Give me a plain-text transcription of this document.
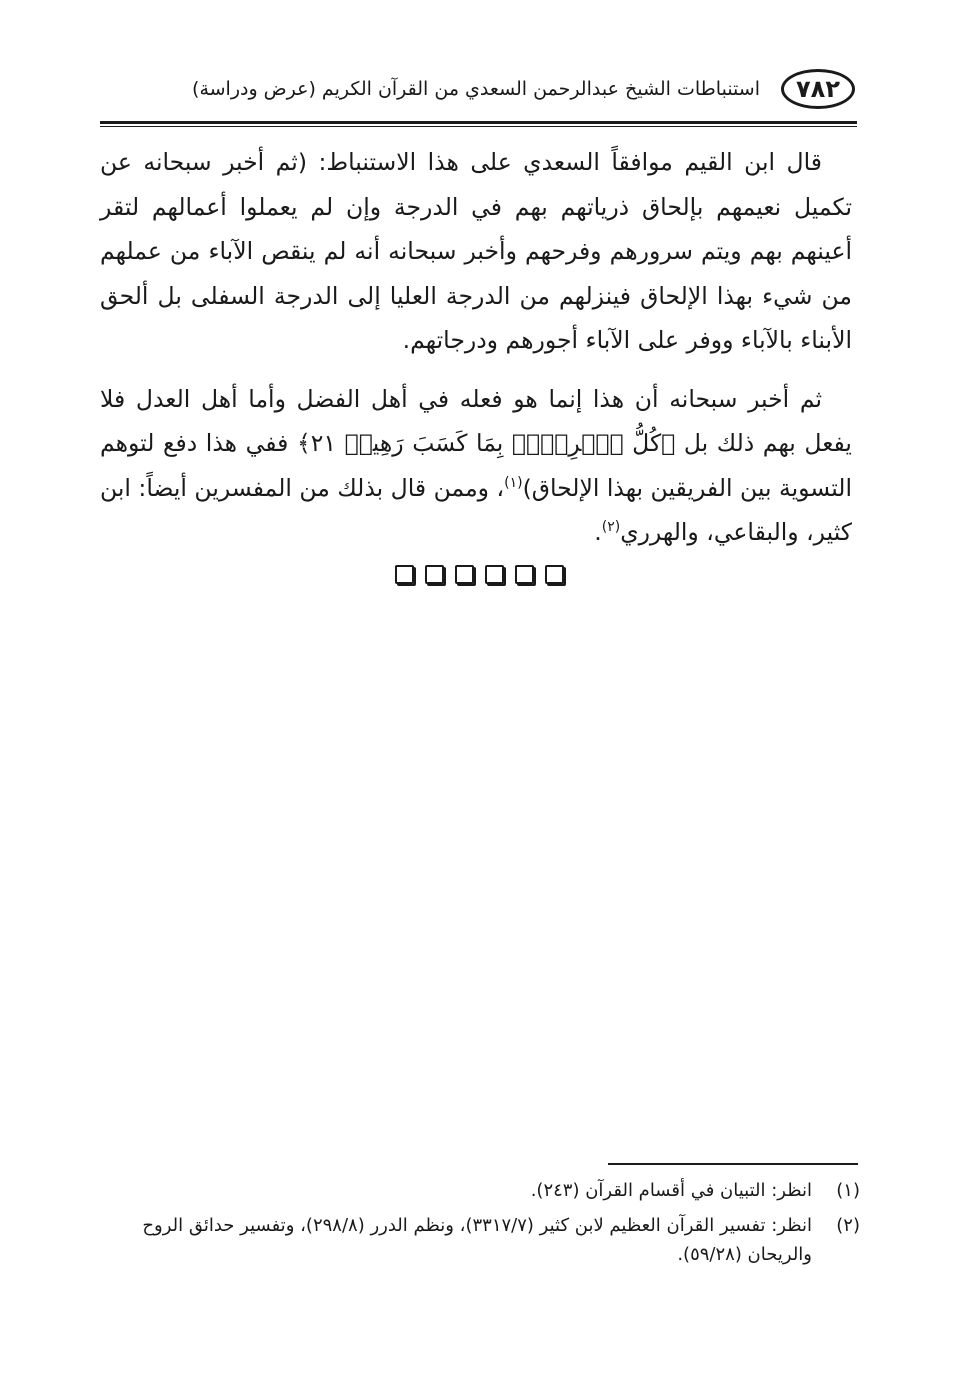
٧٨٢
استنباطات الشيخ عبدالرحمن السعدي من القرآن الكريم (عرض ودراسة)

قال ابن القيم موافقاً السعدي على هذا الاستنباط: (ثم أخبر سبحانه عن تكميل نعيمهم بإلحاق ذرياتهم بهم في الدرجة وإن لم يعملوا أعمالهم لتقر أعينهم بهم ويتم سرورهم وفرحهم وأخبر سبحانه أنه لم ينقص الآباء من عملهم من شيء بهذا الإلحاق فينزلهم من الدرجة العليا إلى الدرجة السفلى بل ألحق الأبناء بالآباء ووفر على الآباء أجورهم ودرجاتهم.

ثم أخبر سبحانه أن هذا إنما هو فعله في أهل الفضل وأما أهل العدل فلا يفعل بهم ذلك بل ﴿كُلُّ ٱمۡرِيِٕۭ بِمَا كَسَبَ رَهِينٞ ٢١﴾ ففي هذا دفع لتوهم التسوية بين الفريقين بهذا الإلحاق)$^{(١)}$، وممن قال بذلك من المفسرين أيضاً: ابن كثير، والبقاعي، والهرري$^{(٢)}$.

(١)
انظر: التبيان في أقسام القرآن (٢٤٣).
(٢)
انظر: تفسير القرآن العظيم لابن كثير (٣٣١٧/٧)، ونظم الدرر (٢٩٨/٨)، وتفسير حدائق الروح والريحان (٥٩/٢٨).
